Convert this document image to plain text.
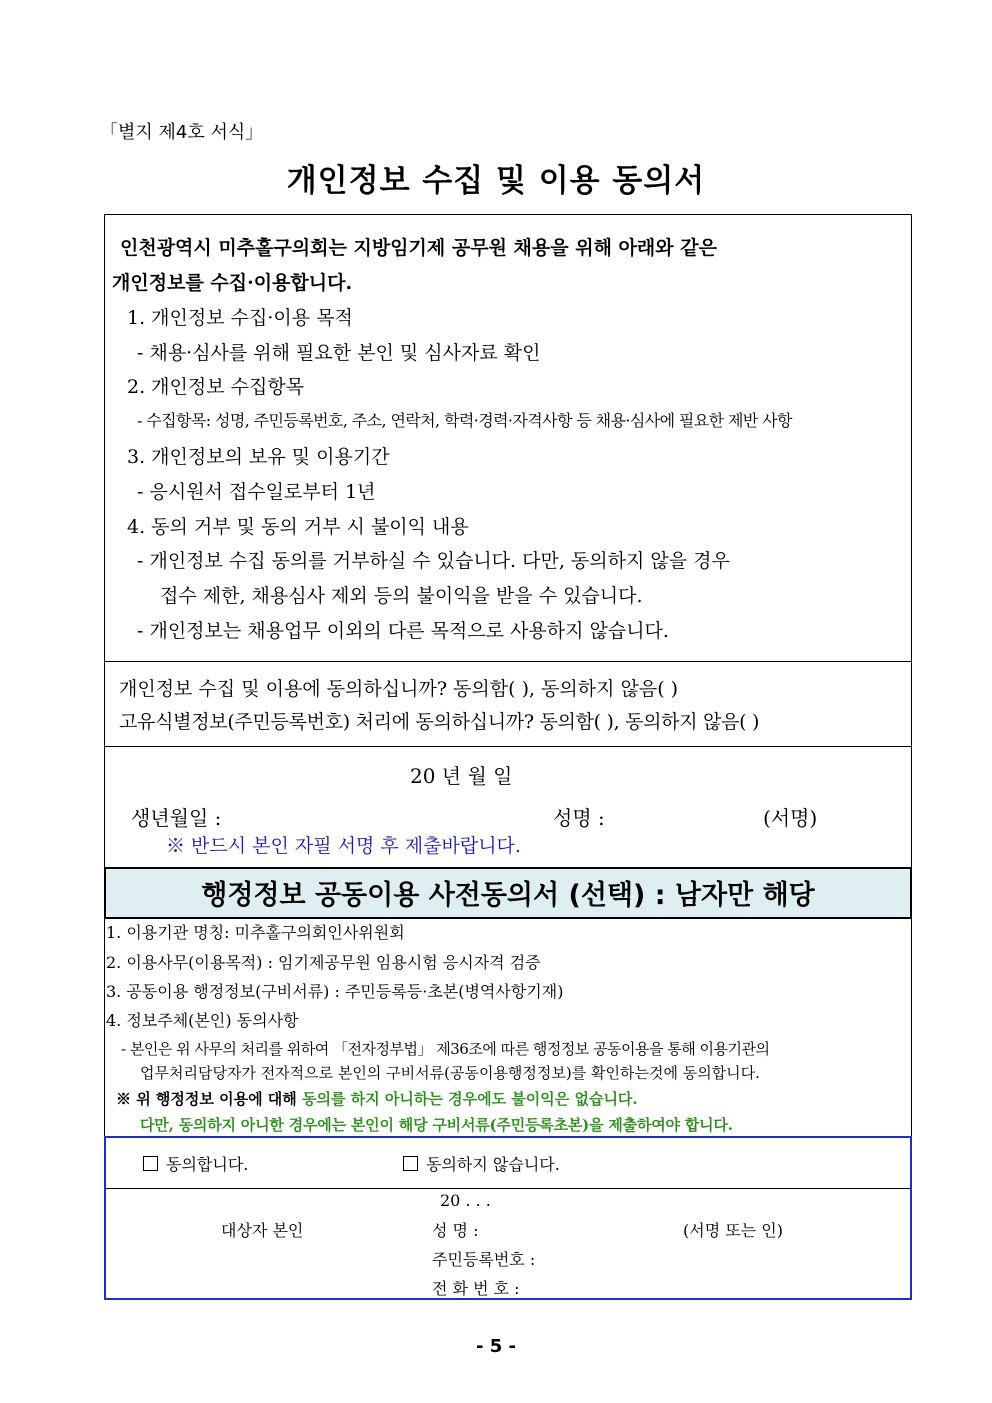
「별지 제4호 서식」
개인정보 수집 및 이용 동의서
인천광역시 미추홀구의회는 지방임기제 공무원 채용을 위해 아래와 같은
개인정보를 수집·이용합니다.
1. 개인정보 수집·이용 목적
- 채용·심사를 위해 필요한 본인 및 심사자료 확인
2. 개인정보 수집항목
- 수집항목: 성명, 주민등록번호, 주소, 연락처, 학력·경력·자격사항 등 채용·심사에 필요한 제반 사항
3. 개인정보의 보유 및 이용기간
- 응시원서 접수일로부터 1년
4. 동의 거부 및 동의 거부 시 불이익 내용
- 개인정보 수집 동의를 거부하실 수 있습니다. 다만, 동의하지 않을 경우
접수 제한, 채용심사 제외 등의 불이익을 받을 수 있습니다.
- 개인정보는 채용업무 이외의 다른 목적으로 사용하지 않습니다.
개인정보 수집 및 이용에 동의하십니까? 동의함( ), 동의하지 않음( )
고유식별정보(주민등록번호) 처리에 동의하십니까? 동의함( ), 동의하지 않음( )
20 년 월 일
생년월일 :	성명 :	(서명)
※ 반드시 본인 자필 서명 후 제출바랍니다.
행정정보 공동이용 사전동의서 (선택) : 남자만 해당
1. 이용기관 명칭: 미추홀구의회인사위원회
2. 이용사무(이용목적) : 임기제공무원 임용시험 응시자격 검증
3. 공동이용 행정정보(구비서류) : 주민등록등·초본(병역사항기재)
4. 정보주체(본인) 동의사항
- 본인은 위 사무의 처리를 위하여 「전자정부법」 제36조에 따른 행정정보 공동이용을 통해 이용기관의
업무처리담당자가 전자적으로 본인의 구비서류(공동이용행정정보)를 확인하는것에 동의합니다.
※ 위 행정정보 이용에 대해 동의를 하지 아니하는 경우에도 불이익은 없습니다.
다만, 동의하지 아니한 경우에는 본인이 해당 구비서류(주민등록초본)을 제출하여야 합니다.
동의합니다.	동의하지 않습니다.
20 . . .
대상자 본인	성 명 :	(서명 또는 인)
주민등록번호 :
전 화 번 호 :
- 5 -
